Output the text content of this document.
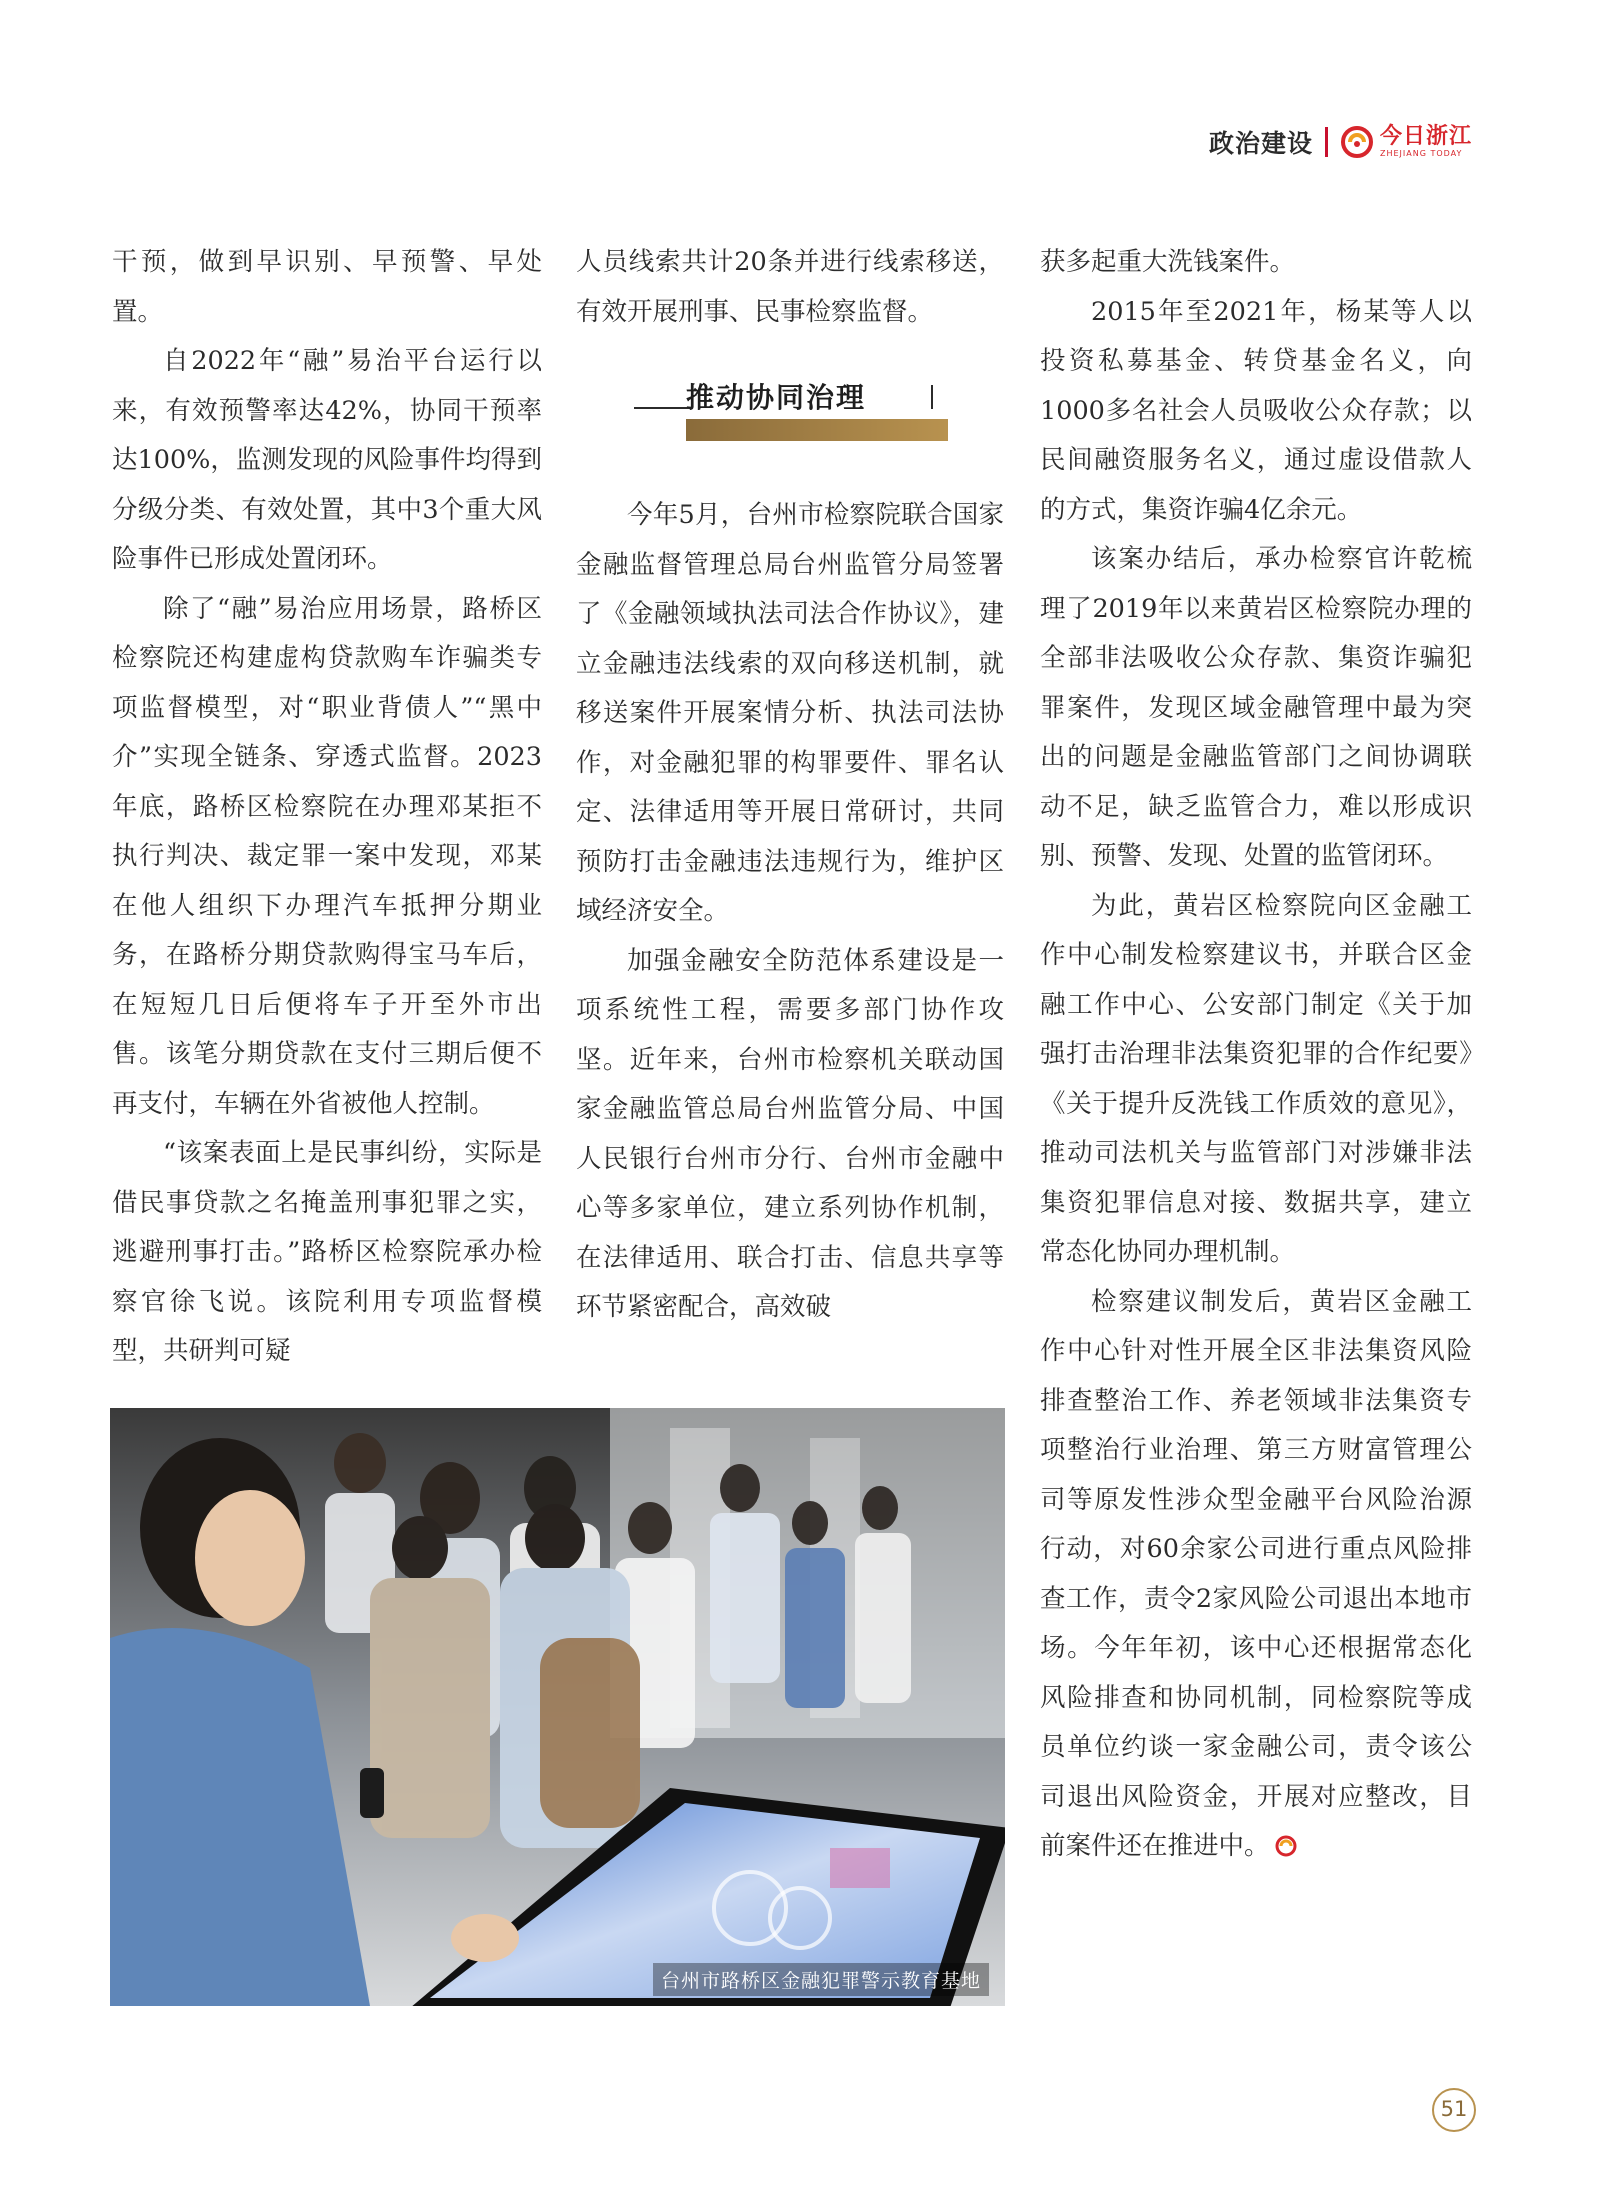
政治建设	今日浙江
ZHEJIANG TODAY

干预，做到早识别、早预警、早处置。

自2022年“融”易治平台运行以来，有效预警率达42%，协同干预率达100%，监测发现的风险事件均得到分级分类、有效处置，其中3个重大风险事件已形成处置闭环。

除了“融”易治应用场景，路桥区检察院还构建虚构贷款购车诈骗类专项监督模型，对“职业背债人”“黑中介”实现全链条、穿透式监督。2023年底，路桥区检察院在办理邓某拒不执行判决、裁定罪一案中发现，邓某在他人组织下办理汽车抵押分期业务，在路桥分期贷款购得宝马车后，在短短几日后便将车子开至外市出售。该笔分期贷款在支付三期后便不再支付，车辆在外省被他人控制。

“该案表面上是民事纠纷，实际是借民事贷款之名掩盖刑事犯罪之实，逃避刑事打击。”路桥区检察院承办检察官徐飞说。该院利用专项监督模型，共研判可疑

人员线索共计20条并进行线索移送，有效开展刑事、民事检察监督。

推动协同治理

今年5月，台州市检察院联合国家金融监督管理总局台州监管分局签署了《金融领域执法司法合作协议》，建立金融违法线索的双向移送机制，就移送案件开展案情分析、执法司法协作，对金融犯罪的构罪要件、罪名认定、法律适用等开展日常研讨，共同预防打击金融违法违规行为，维护区域经济安全。

加强金融安全防范体系建设是一项系统性工程，需要多部门协作攻坚。近年来，台州市检察机关联动国家金融监管总局台州监管分局、中国人民银行台州市分行、台州市金融中心等多家单位，建立系列协作机制，在法律适用、联合打击、信息共享等环节紧密配合，高效破

获多起重大洗钱案件。

2015年至2021年，杨某等人以投资私募基金、转贷基金名义，向1000多名社会人员吸收公众存款；以民间融资服务名义，通过虚设借款人的方式，集资诈骗4亿余元。

该案办结后，承办检察官许乾梳理了2019年以来黄岩区检察院办理的全部非法吸收公众存款、集资诈骗犯罪案件，发现区域金融管理中最为突出的问题是金融监管部门之间协调联动不足，缺乏监管合力，难以形成识别、预警、发现、处置的监管闭环。

为此，黄岩区检察院向区金融工作中心制发检察建议书，并联合区金融工作中心、公安部门制定《关于加强打击治理非法集资犯罪的合作纪要》《关于提升反洗钱工作质效的意见》，推动司法机关与监管部门对涉嫌非法集资犯罪信息对接、数据共享，建立常态化协同办理机制。

检察建议制发后，黄岩区金融工作中心针对性开展全区非法集资风险排查整治工作、养老领域非法集资专项整治行业治理、第三方财富管理公司等原发性涉众型金融平台风险治源行动，对60余家公司进行重点风险排查工作，责令2家风险公司退出本地市场。今年年初，该中心还根据常态化风险排查和协同机制，同检察院等成员单位约谈一家金融公司，责令该公司退出风险资金，开展对应整改，目前案件还在推进中。

台州市路桥区金融犯罪警示教育基地
51
